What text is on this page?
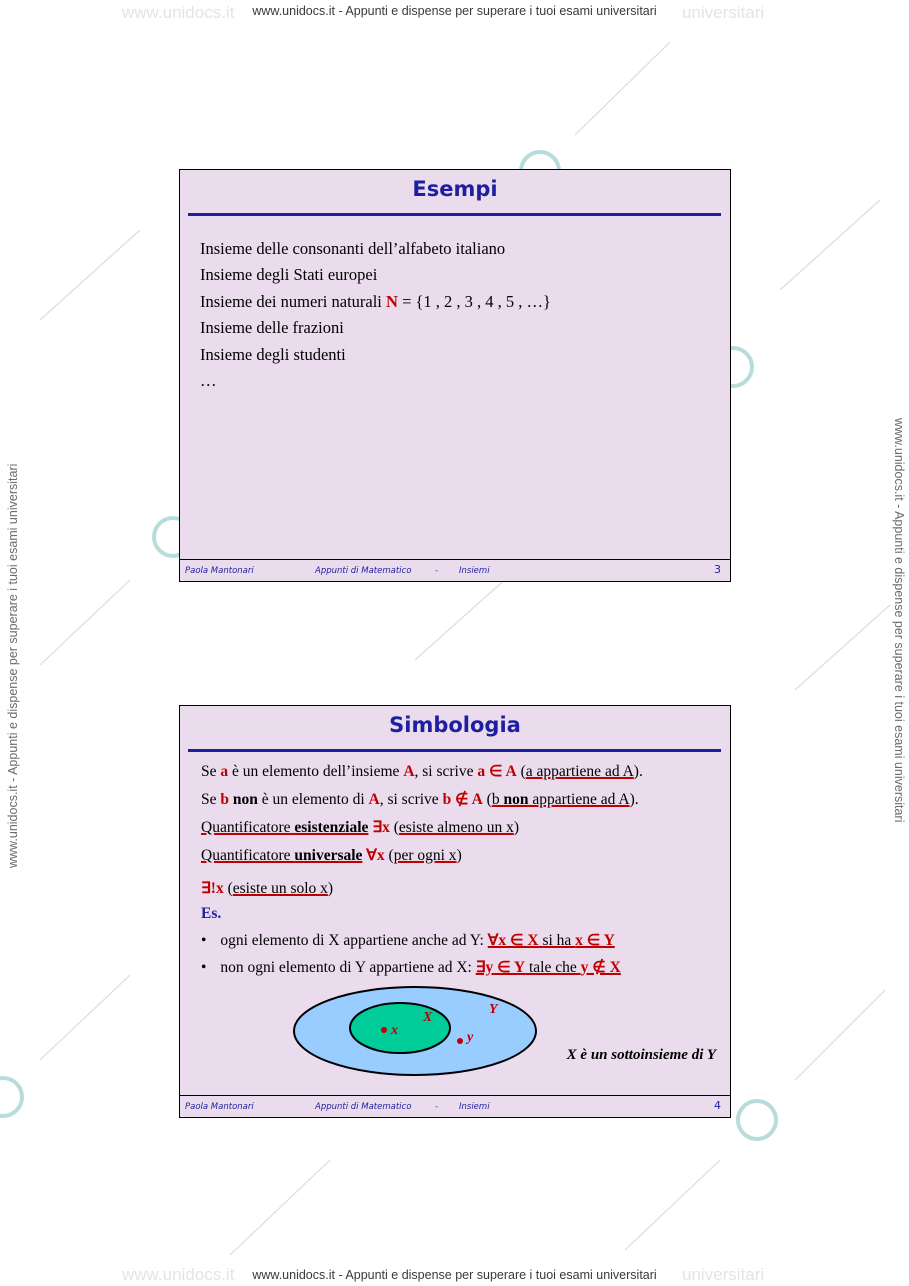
www.unidocs.it	universitari
www.unidocs.it - Appunti e dispense per superare i tuoi esami universitari
www.unidocs.it	universitari
www.unidocs.it - Appunti e dispense per superare i tuoi esami universitari
www.unidocs.it - Appunti e dispense per superare i tuoi esami universitari	www.unidocs.it - Appunti e dispense per superare i tuoi esami universitari
Esempi
Insieme delle consonanti dell’alfabeto italiano
Insieme degli Stati europei
Insieme dei numeri naturali N = {1 , 2 , 3 , 4 , 5 , …}
Insieme delle frazioni
Insieme degli studenti
…
Paola Mantonari	Appunti di Matematico	- Insiemi	3
Simbologia
Se a è un elemento dell’insieme A, si scrive a ∈ A (a appartiene ad A).
Se b non è un elemento di A, si scrive b ∉ A (b non appartiene ad A).
Quantificatore esistenziale ∃x (esiste almeno un x)
Quantificatore universale ∀x (per ogni x)
∃!x (esiste un solo x)
Es.
• ogni elemento di X appartiene anche ad Y: ∀x ∈ X si ha x ∈ Y
• non ogni elemento di Y appartiene ad X: ∃y ∈ Y tale che y ∉ X
Y
X
x	y
X è un sottoinsieme di Y
Paola Mantonari	Appunti di Matematico	- Insiemi	4
